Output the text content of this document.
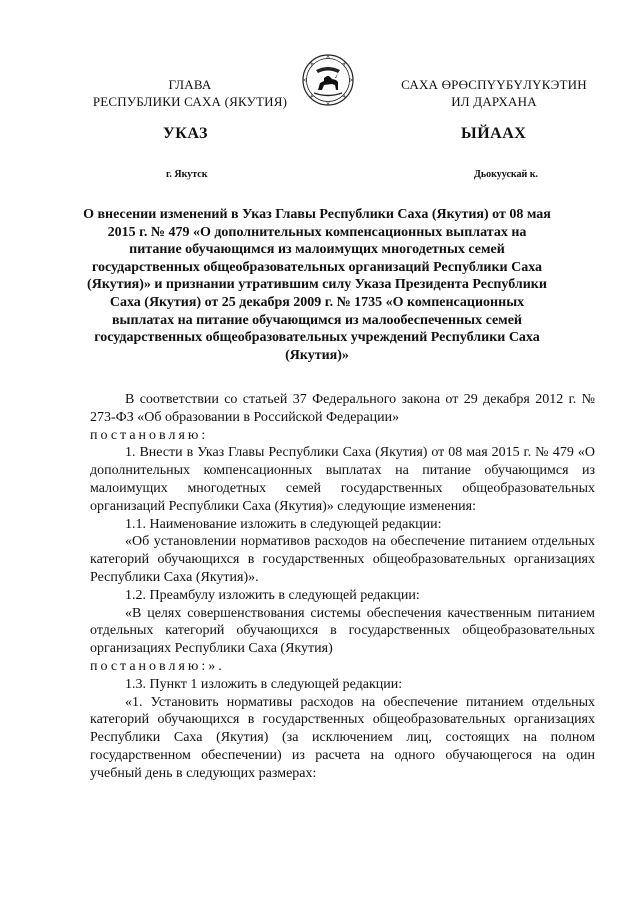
ГЛАВА
РЕСПУБЛИКИ САХА (ЯКУТИЯ)
САХА ӨРӨСПҮҮБҮЛҮКЭТИН
ИЛ ДАРХАНА
УКАЗ	ЫЙААХ
г. Якутск	Дьокуускай к.
О внесении изменений в Указ Главы Республики Саха (Якутия) от 08 мая 2015 г. № 479 «О дополнительных компенсационных выплатах на питание обучающимся из малоимущих многодетных семей государственных общеобразовательных организаций Республики Саха (Якутия)» и признании утратившим силу Указа Президента Республики Саха (Якутия) от 25 декабря 2009 г. № 1735 «О компенсационных выплатах на питание обучающимся из малообеспеченных семей государственных общеобразовательных учреждений Республики Саха (Якутия)»

В соответствии со статьей 37 Федерального закона от 29 декабря 2012 г. № 273-ФЗ «Об образовании в Российской Федерации»

постановляю:

1. Внести в Указ Главы Республики Саха (Якутия) от 08 мая 2015 г. № 479 «О дополнительных компенсационных выплатах на питание обучающимся из малоимущих многодетных семей государственных общеобразовательных организаций Республики Саха (Якутия)» следующие изменения:

1.1. Наименование изложить в следующей редакции:

«Об установлении нормативов расходов на обеспечение питанием отдельных категорий обучающихся в государственных общеобразовательных организациях Республики Саха (Якутия)».

1.2. Преамбулу изложить в следующей редакции:

«В целях совершенствования системы обеспечения качественным питанием отдельных категорий обучающихся в государственных общеобразовательных организациях Республики Саха (Якутия)

постановляю:».

1.3. Пункт 1 изложить в следующей редакции:

«1. Установить нормативы расходов на обеспечение питанием отдельных категорий обучающихся в государственных общеобразовательных организациях Республики Саха (Якутия) (за исключением лиц, состоящих на полном государственном обеспечении) из расчета на одного обучающегося на один учебный день в следующих размерах:
